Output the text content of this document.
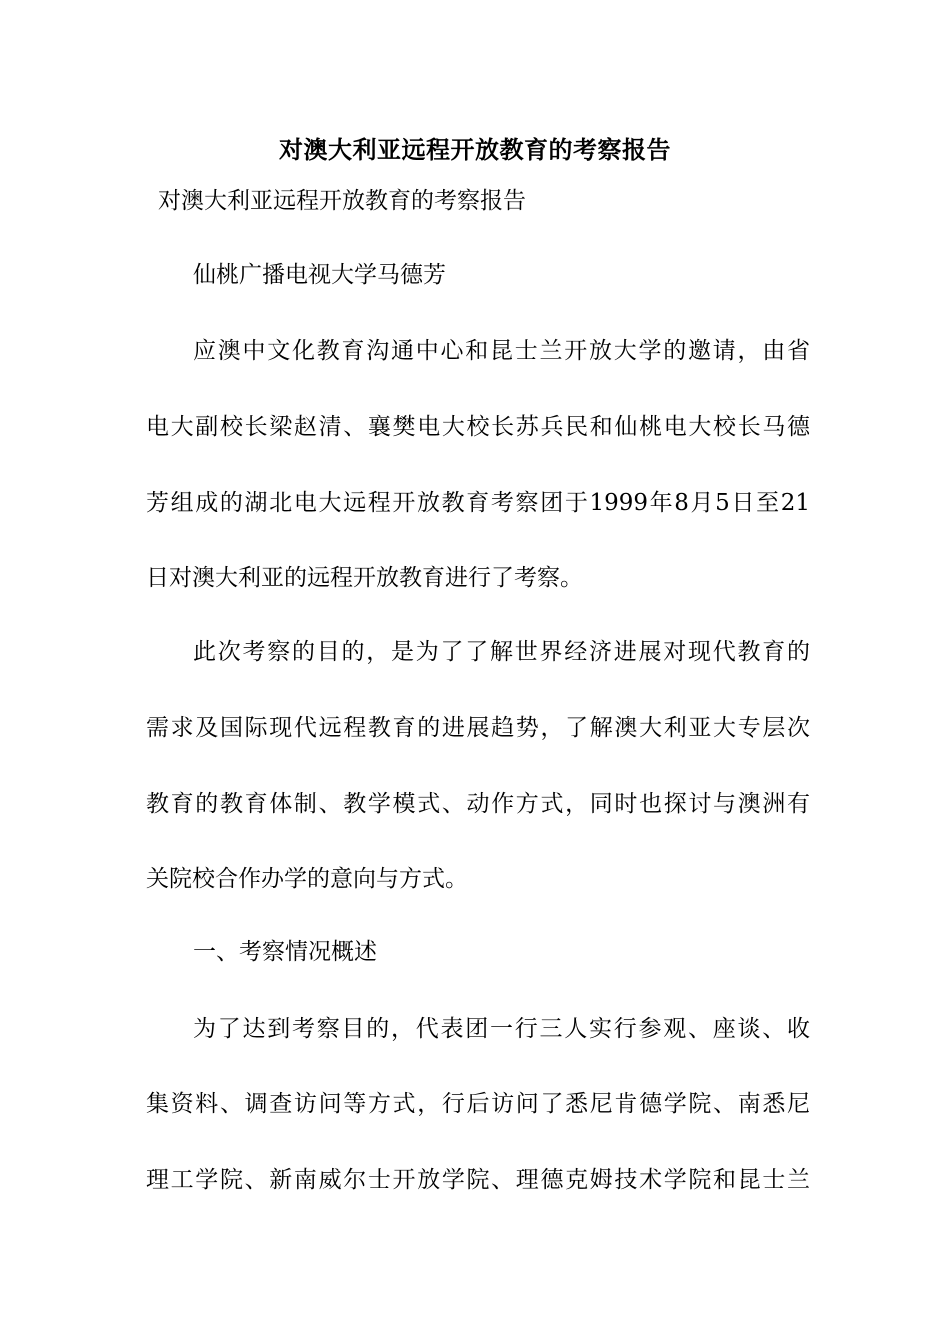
对澳大利亚远程开放教育的考察报告

对澳大利亚远程开放教育的考察报告

仙桃广播电视大学马德芳

应澳中文化教育沟通中心和昆士兰开放大学的邀请，由省

电大副校长梁赵清、襄樊电大校长苏兵民和仙桃电大校长马德

芳组成的湖北电大远程开放教育考察团于1999年8月5日至21

日对澳大利亚的远程开放教育进行了考察。

此次考察的目的，是为了了解世界经济进展对现代教育的

需求及国际现代远程教育的进展趋势，了解澳大利亚大专层次

教育的教育体制、教学模式、动作方式，同时也探讨与澳洲有

关院校合作办学的意向与方式。

一、考察情况概述

为了达到考察目的，代表团一行三人实行参观、座谈、收

集资料、调查访问等方式，行后访问了悉尼肯德学院、南悉尼

理工学院、新南威尔士开放学院、理德克姆技术学院和昆士兰
